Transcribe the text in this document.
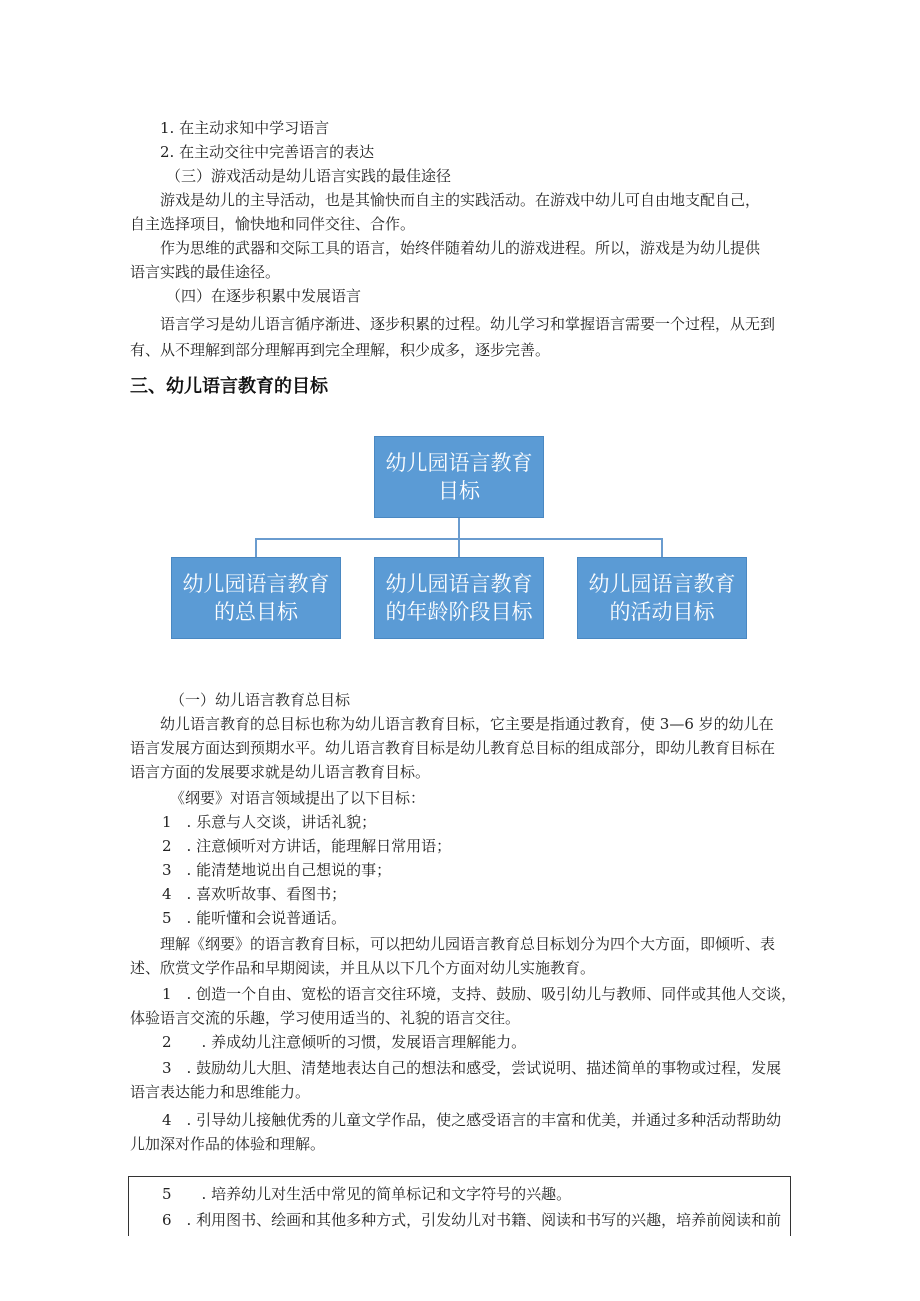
1. 在主动求知中学习语言
2. 在主动交往中完善语言的表达
（三）游戏活动是幼儿语言实践的最佳途径
游戏是幼儿的主导活动，也是其愉快而自主的实践活动。在游戏中幼儿可自由地支配自己，
自主选择项目，愉快地和同伴交往、合作。
作为思维的武器和交际工具的语言，始终伴随着幼儿的游戏进程。所以，游戏是为幼儿提供
语言实践的最佳途径。
（四）在逐步积累中发展语言
语言学习是幼儿语言循序渐进、逐步积累的过程。幼儿学习和掌握语言需要一个过程，从无到
有、从不理解到部分理解再到完全理解，积少成多，逐步完善。
三、幼儿语言教育的目标
幼儿园语言教育
目标
幼儿园语言教育
的总目标
幼儿园语言教育
的年龄阶段目标
幼儿园语言教育
的活动目标
（一）幼儿语言教育总目标
幼儿语言教育的总目标也称为幼儿语言教育目标，它主要是指通过教育，使 3—6 岁的幼儿在
语言发展方面达到预期水平。幼儿语言教育目标是幼儿教育总目标的组成部分，即幼儿教育目标在
语言方面的发展要求就是幼儿语言教育目标。
《纲要》对语言领域提出了以下目标：
1　. 乐意与人交谈，讲话礼貌；
2　. 注意倾听对方讲话，能理解日常用语；
3　. 能清楚地说出自己想说的事；
4　. 喜欢听故事、看图书；
5　. 能听懂和会说普通话。
理解《纲要》的语言教育目标，可以把幼儿园语言教育总目标划分为四个大方面，即倾听、表
述、欣赏文学作品和早期阅读，并且从以下几个方面对幼儿实施教育。
1　. 创造一个自由、宽松的语言交往环境，支持、鼓励、吸引幼儿与教师、同伴或其他人交谈，
体验语言交流的乐趣，学习使用适当的、礼貌的语言交往。
2　　. 养成幼儿注意倾听的习惯，发展语言理解能力。
3　. 鼓励幼儿大胆、清楚地表达自己的想法和感受，尝试说明、描述简单的事物或过程，发展
语言表达能力和思维能力。
4　. 引导幼儿接触优秀的儿童文学作品，使之感受语言的丰富和优美，并通过多种活动帮助幼
儿加深对作品的体验和理解。
5　　. 培养幼儿对生活中常见的简单标记和文字符号的兴趣。
6　. 利用图书、绘画和其他多种方式，引发幼儿对书籍、阅读和书写的兴趣，培养前阅读和前
